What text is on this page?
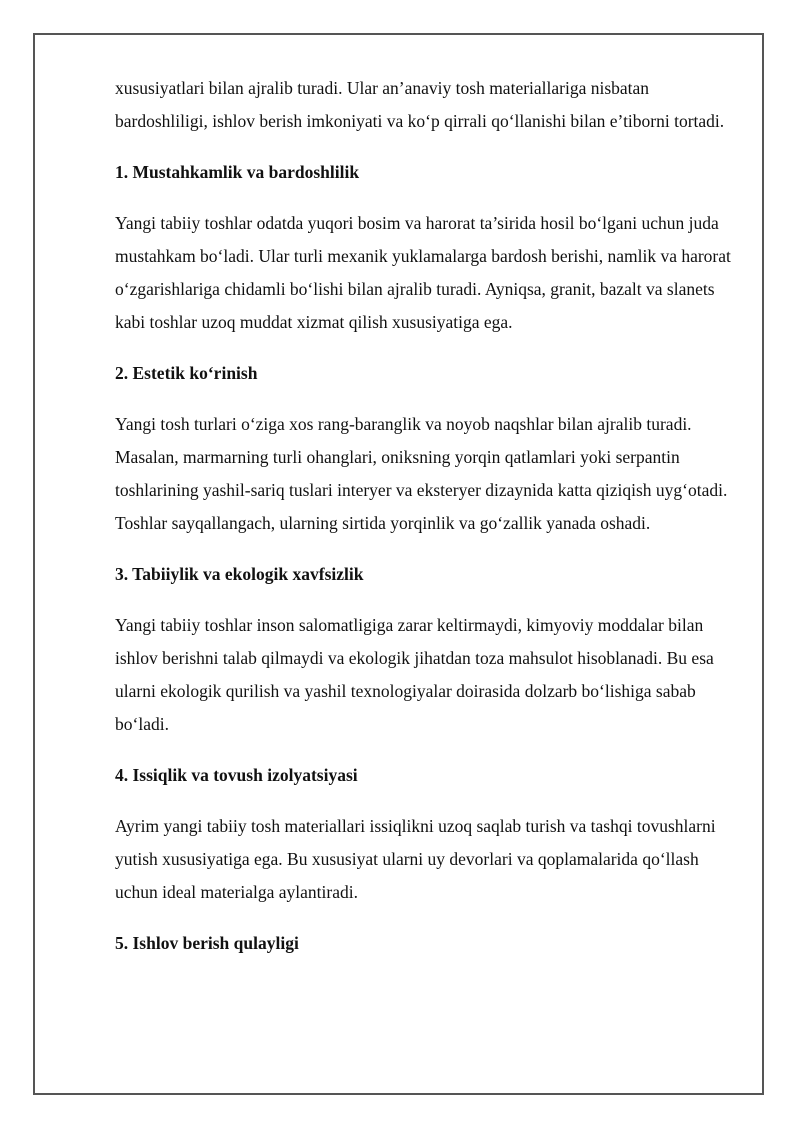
xususiyatlari bilan ajralib turadi. Ular an’anaviy tosh materiallariga nisbatan bardoshliligi, ishlov berish imkoniyati va ko‘p qirrali qo‘llanishi bilan e’tiborni tortadi.

1. Mustahkamlik va bardoshlilik

Yangi tabiiy toshlar odatda yuqori bosim va harorat ta’sirida hosil bo‘lgani uchun juda mustahkam bo‘ladi. Ular turli mexanik yuklamalarga bardosh berishi, namlik va harorat o‘zgarishlariga chidamli bo‘lishi bilan ajralib turadi. Ayniqsa, granit, bazalt va slanets kabi toshlar uzoq muddat xizmat qilish xususiyatiga ega.

2. Estetik ko‘rinish

Yangi tosh turlari o‘ziga xos rang-baranglik va noyob naqshlar bilan ajralib turadi. Masalan, marmarning turli ohanglari, oniksning yorqin qatlamlari yoki serpantin toshlarining yashil-sariq tuslari interyer va eksteryer dizaynida katta qiziqish uyg‘otadi. Toshlar sayqallangach, ularning sirtida yorqinlik va go‘zallik yanada oshadi.

3. Tabiiylik va ekologik xavfsizlik

Yangi tabiiy toshlar inson salomatligiga zarar keltirmaydi, kimyoviy moddalar bilan ishlov berishni talab qilmaydi va ekologik jihatdan toza mahsulot hisoblanadi. Bu esa ularni ekologik qurilish va yashil texnologiyalar doirasida dolzarb bo‘lishiga sabab bo‘ladi.

4. Issiqlik va tovush izolyatsiyasi

Ayrim yangi tabiiy tosh materiallari issiqlikni uzoq saqlab turish va tashqi tovushlarni yutish xususiyatiga ega. Bu xususiyat ularni uy devorlari va qoplamalarida qo‘llash uchun ideal materialga aylantiradi.

5. Ishlov berish qulayligi
